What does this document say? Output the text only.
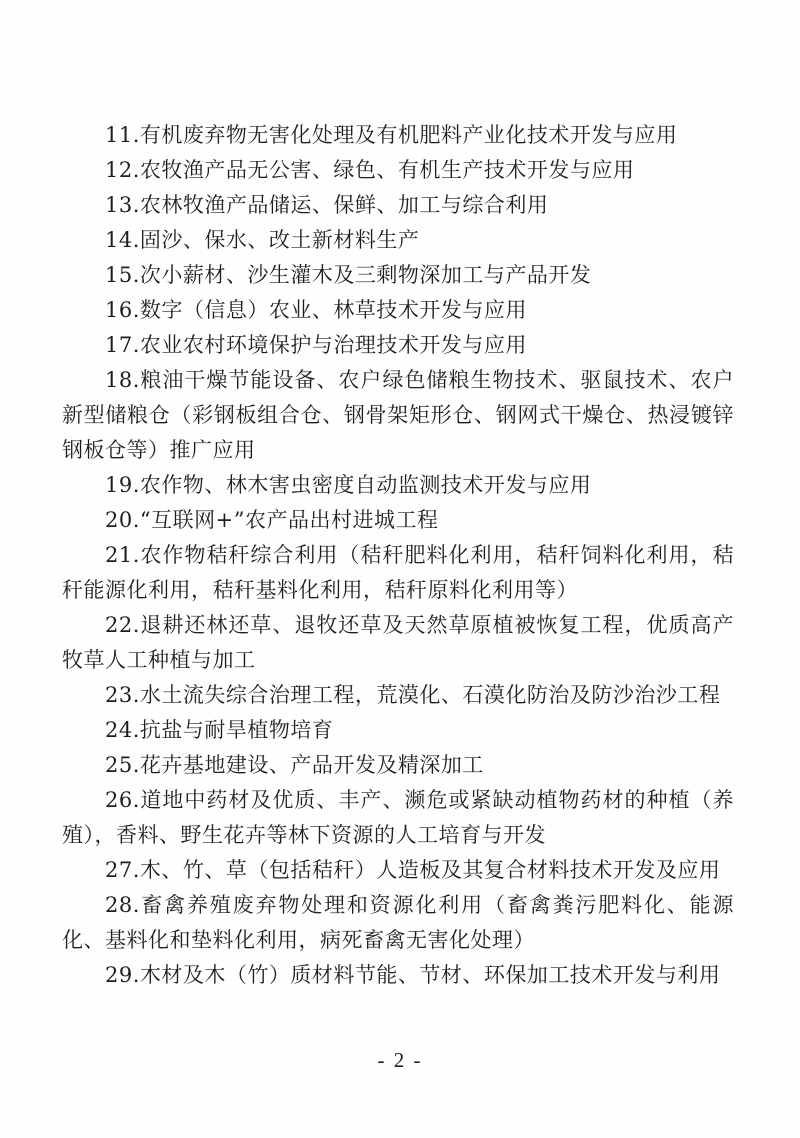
11.有机废弃物无害化处理及有机肥料产业化技术开发与应用

12.农牧渔产品无公害、绿色、有机生产技术开发与应用

13.农林牧渔产品储运、保鲜、加工与综合利用

14.固沙、保水、改土新材料生产

15.次小薪材、沙生灌木及三剩物深加工与产品开发

16.数字（信息）农业、林草技术开发与应用

17.农业农村环境保护与治理技术开发与应用

18.粮油干燥节能设备、农户绿色储粮生物技术、驱鼠技术、农户新型储粮仓（彩钢板组合仓、钢骨架矩形仓、钢网式干燥仓、热浸镀锌钢板仓等）推广应用

19.农作物、林木害虫密度自动监测技术开发与应用

20.“互联网+”农产品出村进城工程

21.农作物秸秆综合利用（秸秆肥料化利用，秸秆饲料化利用，秸秆能源化利用，秸秆基料化利用，秸秆原料化利用等）

22.退耕还林还草、退牧还草及天然草原植被恢复工程，优质高产牧草人工种植与加工

23.水土流失综合治理工程，荒漠化、石漠化防治及防沙治沙工程

24.抗盐与耐旱植物培育

25.花卉基地建设、产品开发及精深加工

26.道地中药材及优质、丰产、濒危或紧缺动植物药材的种植（养殖），香料、野生花卉等林下资源的人工培育与开发

27.木、竹、草（包括秸秆）人造板及其复合材料技术开发及应用

28.畜禽养殖废弃物处理和资源化利用（畜禽粪污肥料化、能源化、基料化和垫料化利用，病死畜禽无害化处理）

29.木材及木（竹）质材料节能、节材、环保加工技术开发与利用

- 2 -
